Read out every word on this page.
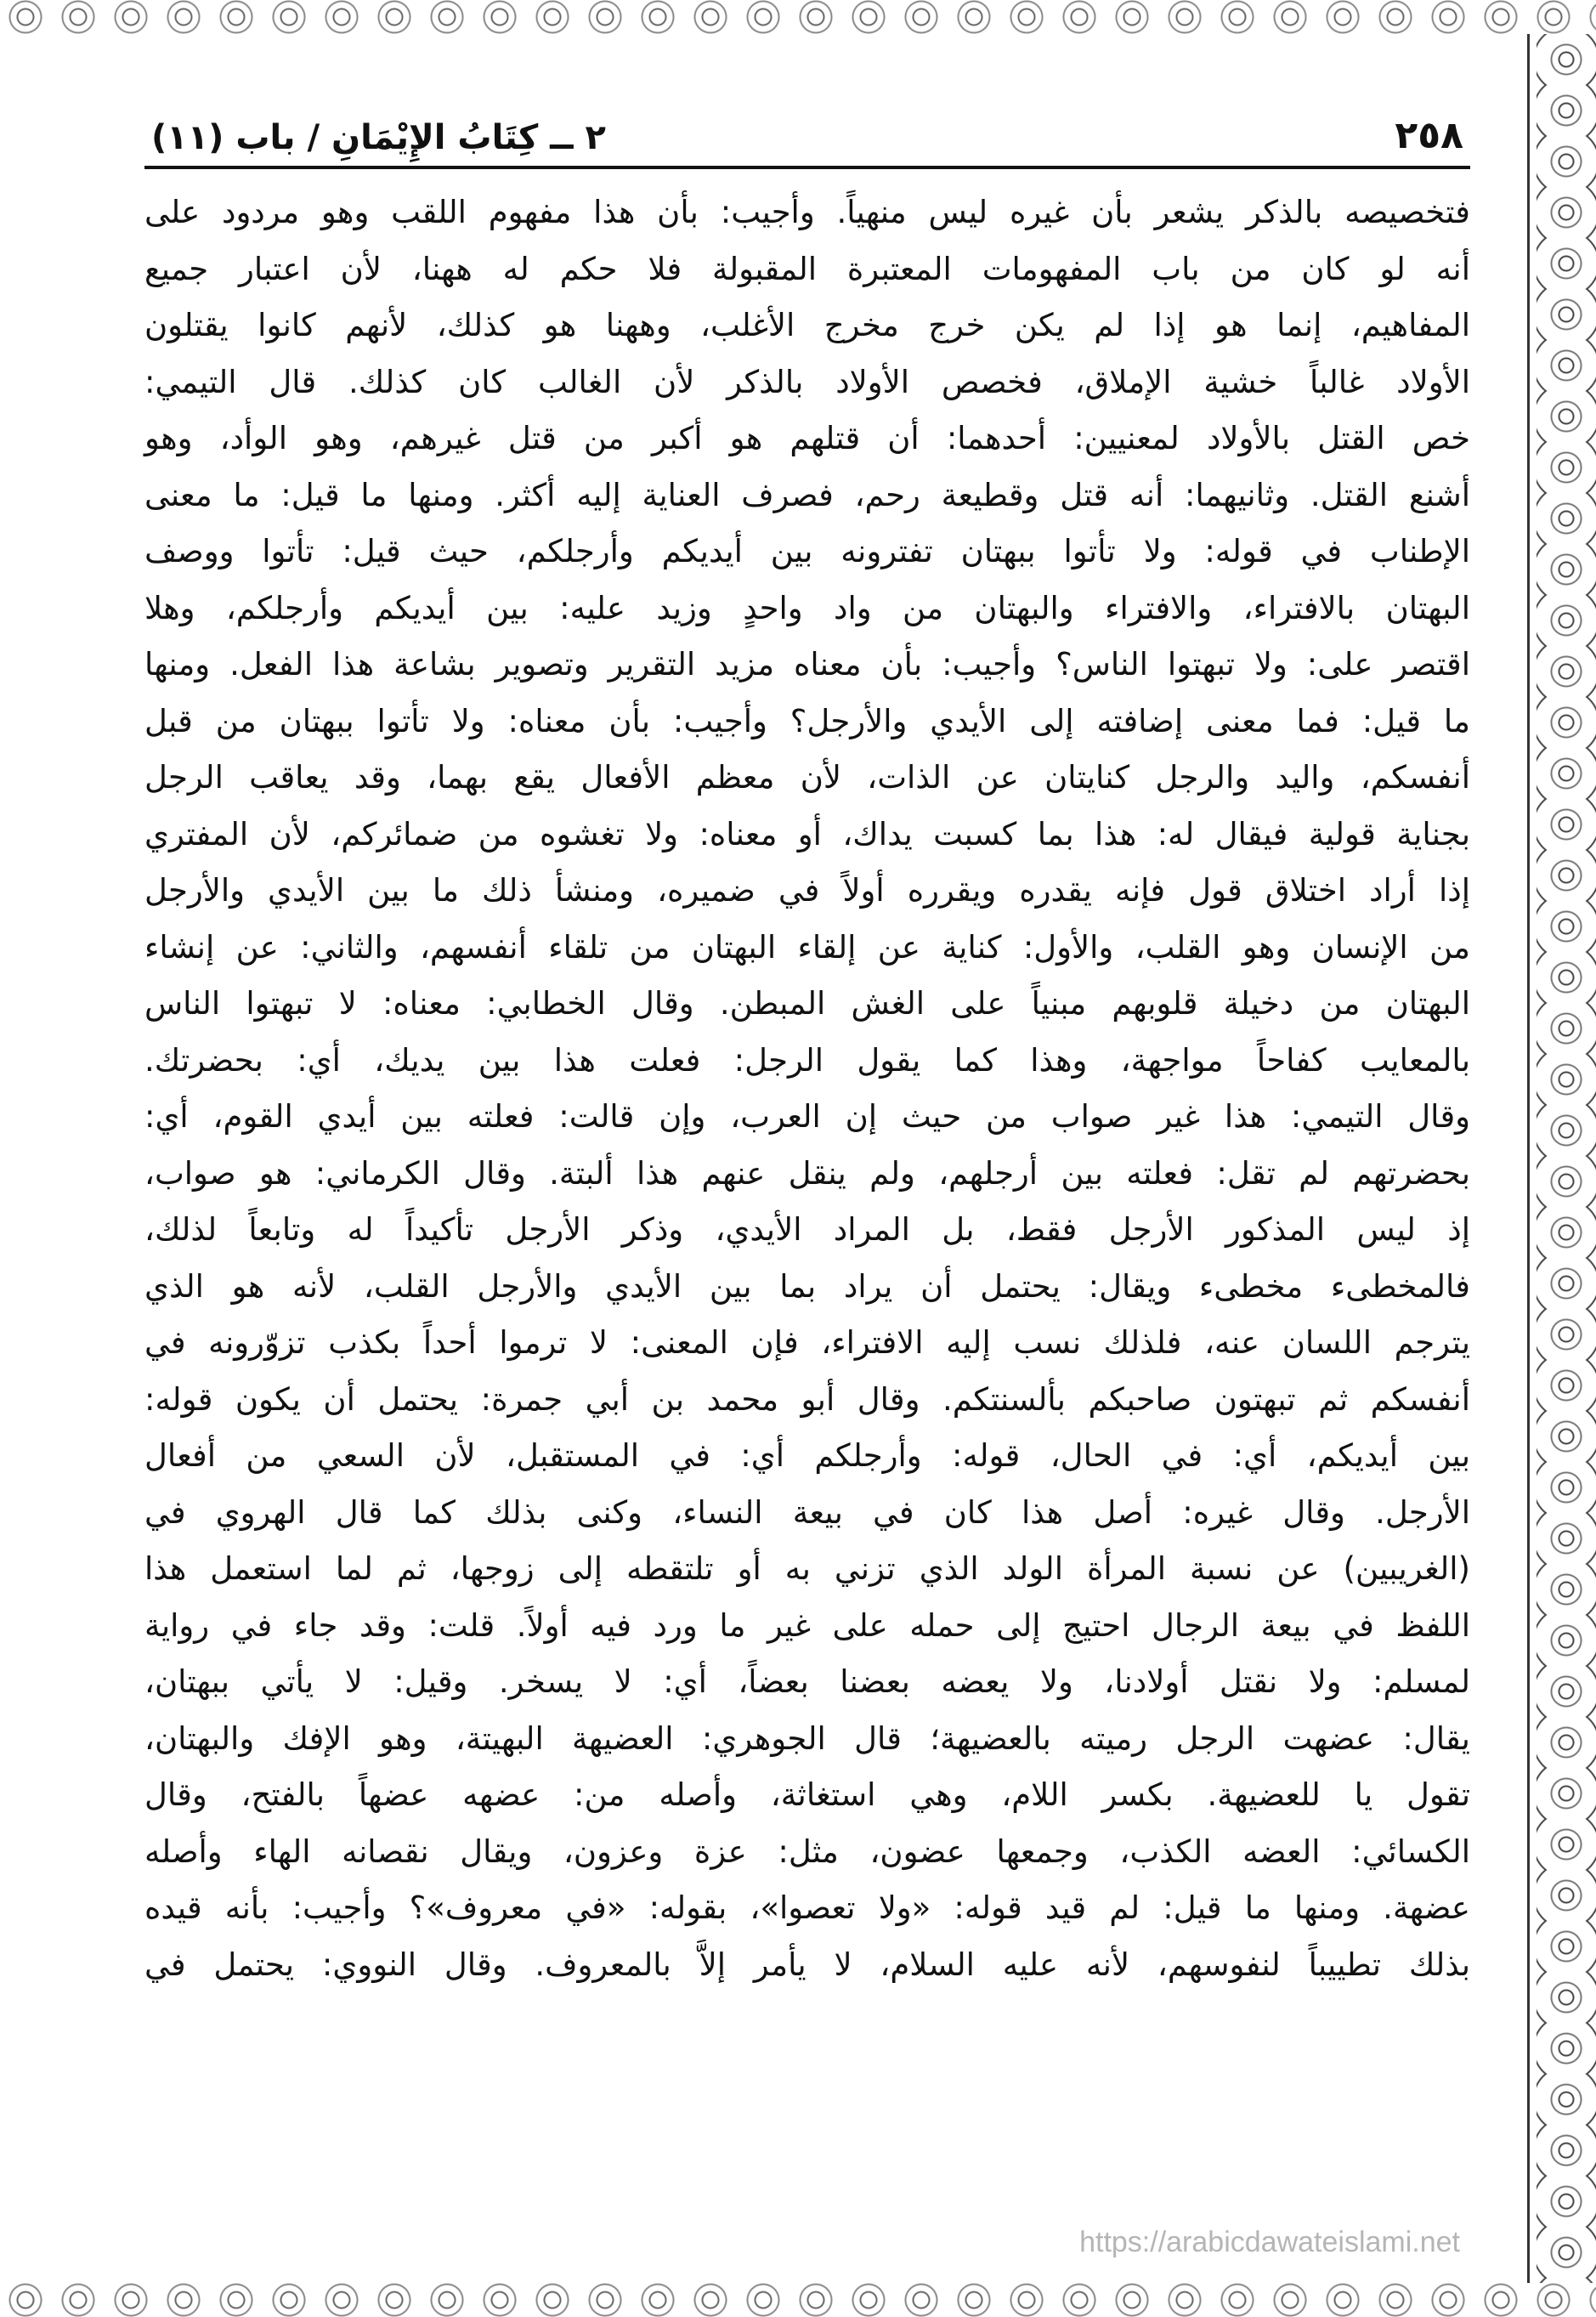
٢٥٨
٢ ــ كِتَابُ الإِيْمَانِ / باب (١١)
فتخصيصه بالذكر يشعر بأن غيره ليس منهياً. وأجيب: بأن هذا مفهوم اللقب وهو مردود على
أنه لو كان من باب المفهومات المعتبرة المقبولة فلا حكم له ههنا، لأن اعتبار جميع
المفاهيم، إنما هو إذا لم يكن خرج مخرج الأغلب، وههنا هو كذلك، لأنهم كانوا يقتلون
الأولاد غالباً خشية الإملاق، فخصص الأولاد بالذكر لأن الغالب كان كذلك. قال التيمي:
خص القتل بالأولاد لمعنيين: أحدهما: أن قتلهم هو أكبر من قتل غيرهم، وهو الوأد، وهو
أشنع القتل. وثانيهما: أنه قتل وقطيعة رحم، فصرف العناية إليه أكثر. ومنها ما قيل: ما معنى
الإطناب في قوله: ولا تأتوا ببهتان تفترونه بين أيديكم وأرجلكم، حيث قيل: تأتوا ووصف
البهتان بالافتراء، والافتراء والبهتان من واد واحدٍ وزيد عليه: بين أيديكم وأرجلكم، وهلا
اقتصر على: ولا تبهتوا الناس؟ وأجيب: بأن معناه مزيد التقرير وتصوير بشاعة هذا الفعل. ومنها
ما قيل: فما معنى إضافته إلى الأيدي والأرجل؟ وأجيب: بأن معناه: ولا تأتوا ببهتان من قبل
أنفسكم، واليد والرجل كنايتان عن الذات، لأن معظم الأفعال يقع بهما، وقد يعاقب الرجل
بجناية قولية فيقال له: هذا بما كسبت يداك، أو معناه: ولا تغشوه من ضمائركم، لأن المفتري
إذا أراد اختلاق قول فإنه يقدره ويقرره أولاً في ضميره، ومنشأ ذلك ما بين الأيدي والأرجل
من الإنسان وهو القلب، والأول: كناية عن إلقاء البهتان من تلقاء أنفسهم، والثاني: عن إنشاء
البهتان من دخيلة قلوبهم مبنياً على الغش المبطن. وقال الخطابي: معناه: لا تبهتوا الناس
بالمعايب كفاحاً مواجهة، وهذا كما يقول الرجل: فعلت هذا بين يديك، أي: بحضرتك.
وقال التيمي: هذا غير صواب من حيث إن العرب، وإن قالت: فعلته بين أيدي القوم، أي:
بحضرتهم لم تقل: فعلته بين أرجلهم، ولم ينقل عنهم هذا ألبتة. وقال الكرماني: هو صواب،
إذ ليس المذكور الأرجل فقط، بل المراد الأيدي، وذكر الأرجل تأكيداً له وتابعاً لذلك،
فالمخطىء مخطىء ويقال: يحتمل أن يراد بما بين الأيدي والأرجل القلب، لأنه هو الذي
يترجم اللسان عنه، فلذلك نسب إليه الافتراء، فإن المعنى: لا ترموا أحداً بكذب تزوّرونه في
أنفسكم ثم تبهتون صاحبكم بألسنتكم. وقال أبو محمد بن أبي جمرة: يحتمل أن يكون قوله:
بين أيديكم، أي: في الحال، قوله: وأرجلكم أي: في المستقبل، لأن السعي من أفعال
الأرجل. وقال غيره: أصل هذا كان في بيعة النساء، وكنى بذلك كما قال الهروي في
(الغريبين) عن نسبة المرأة الولد الذي تزني به أو تلتقطه إلى زوجها، ثم لما استعمل هذا
اللفظ في بيعة الرجال احتيج إلى حمله على غير ما ورد فيه أولاً. قلت: وقد جاء في رواية
لمسلم: ولا نقتل أولادنا، ولا يعضه بعضنا بعضاً، أي: لا يسخر. وقيل: لا يأتي ببهتان،
يقال: عضهت الرجل رميته بالعضيهة؛ قال الجوهري: العضيهة البهيتة، وهو الإفك والبهتان،
تقول يا للعضيهة. بكسر اللام، وهي استغاثة، وأصله من: عضهه عضهاً بالفتح، وقال
الكسائي: العضه الكذب، وجمعها عضون، مثل: عزة وعزون، ويقال نقصانه الهاء وأصله
عضهة. ومنها ما قيل: لم قيد قوله: «ولا تعصوا»، بقوله: «في معروف»؟ وأجيب: بأنه قيده
بذلك تطييباً لنفوسهم، لأنه عليه السلام، لا يأمر إلاَّ بالمعروف. وقال النووي: يحتمل في
https://arabicdawateislami.net
